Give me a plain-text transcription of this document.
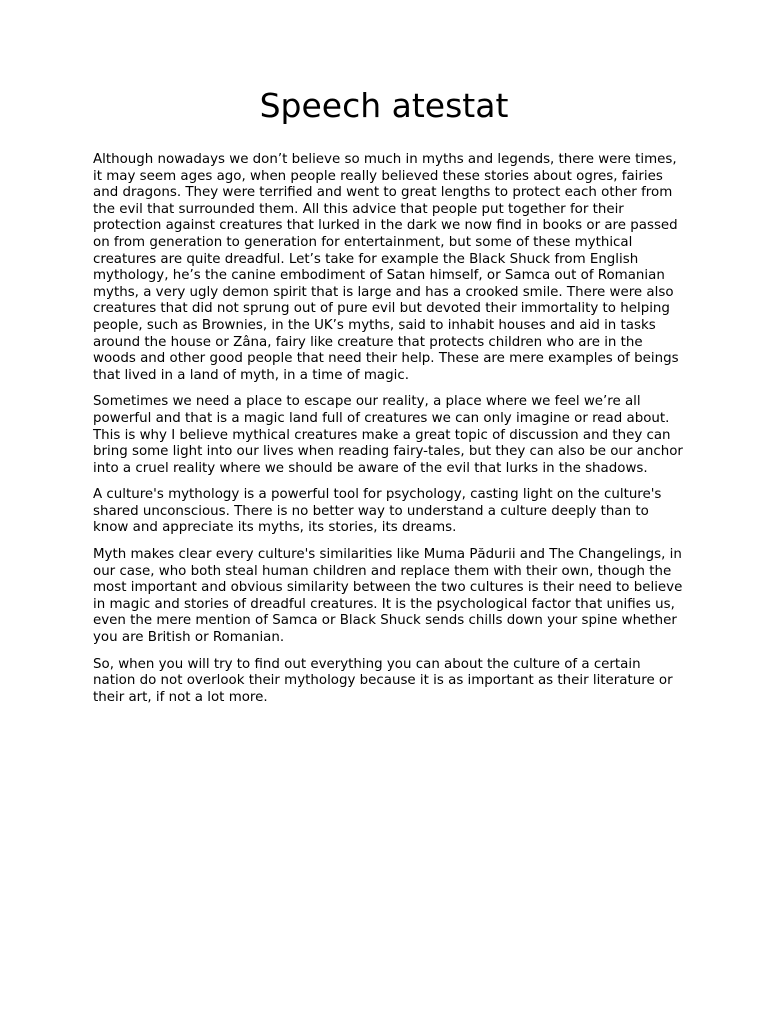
Speech atestat

Although nowadays we don’t believe so much in myths and legends, there were times, it may seem ages ago, when people really believed these stories about ogres, fairies and dragons. They were terrified and went to great lengths to protect each other from the evil that surrounded them. All this advice that people put together for their protection against creatures that lurked in the dark we now find in books or are passed on from generation to generation for entertainment, but some of these mythical creatures are quite dreadful. Let’s take for example the Black Shuck from English mythology, he’s the canine embodiment of Satan himself, or Samca out of Romanian myths, a very ugly demon spirit that is large and has a crooked smile. There were also creatures that did not sprung out of pure evil but devoted their immortality to helping people, such as Brownies, in the UK’s myths, said to inhabit houses and aid in tasks around the house or Zâna, fairy like creature that protects children who are in the woods and other good people that need their help. These are mere examples of beings that lived in a land of myth, in a time of magic.

Sometimes we need a place to escape our reality, a place where we feel we’re all powerful and that is a magic land full of creatures we can only imagine or read about. This is why I believe mythical creatures make a great topic of discussion and they can bring some light into our lives when reading fairy-tales, but they can also be our anchor into a cruel reality where we should be aware of the evil that lurks in the shadows.

A culture's mythology is a powerful tool for psychology, casting light on the culture's shared unconscious. There is no better way to understand a culture deeply than to know and appreciate its myths, its stories, its dreams.

Myth makes clear every culture's similarities like Muma Pădurii and The Changelings, in our case, who both steal human children and replace them with their own, though the most important and obvious similarity between the two cultures is their need to believe in magic and stories of dreadful creatures. It is the psychological factor that unifies us, even the mere mention of Samca or Black Shuck sends chills down your spine whether you are British or Romanian.

So, when you will try to find out everything you can about the culture of a certain nation do not overlook their mythology because it is as important as their literature or their art, if not a lot more.
